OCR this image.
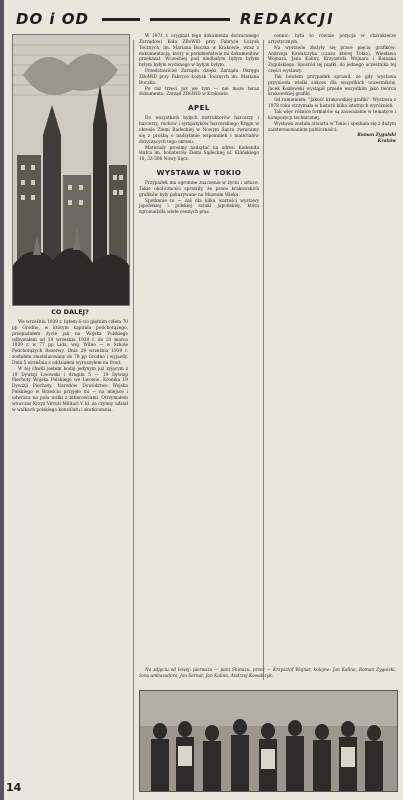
DO i OD	REDAKCJI
CO DALEJ?

We wrześniu 1939 r. byłem 6-cio giętnim człem 70 pp Grodno, w którym kapituła podchorążego, przepadałem życie jak na Wojska Polskiego odbywałem od 18 września 1939 r. do 31 marca 1939 r. w 77 pp Lida, woj. Wilno — w Szkole Podchorążych Rezerwy. Dnia 29 września 1939 r. zostałem zmobilizowany do 78 pp Grodno i wyjazdy. Dnia 5 września z oddziałem wyruszyłem na front.

W tej chwili jestem bodaj jedynym już zyjącym z 19 Dywizji Lwowski i drugim 5 — 19 Dywizji Piechoty Wojska Polskiego we Lwowie. Kronika 19 Dywizji Piechoty. Narodów Dowództwo Wojska Polskiego w Brześciu przyjęło mi — na miejsce i odwraca na pola walki z hitlerowcami. Otrzymałem wówczas Krzyż Virtuti Militari V kl. za czynny udział w walkach polskiego konsulatu i skutkowania.

W 1971 r. oryginał tego dokumentu dorzuconego Zarządowi Koła ZBoWiD przy Fabryce Łożysk Tocznych, im. Mariana Buczka w Krakowie, wraz z dokumentacją, który w podobieństwie mi dokumentów przekazał. Wcześniej pod niedbałym byłym byłym byłym byłym wydanego w byłym byłym.

Przedstawiciel Zarządu dzięki Zarządu Okręgu ZBoWiD przy Fabryce Łożysk Tocznych im. Mariana Buczka.

Po raz trzeci już we tym — nie może teraz dokumentu. Zarząd ZBoWiD w Krakowie.

APEL

Do wszystkich byłych instruktorów harcerzy i harcerzy, ruchów i sympatyków harcerskiego Kręgu w okresie Ziemi Radeckiej w Nowym Sączu zwracamy się z prośbą o nadsyłanie wspomnień i materiałów dotyczących tego okresu.

Materiały prosimy nadsyłać na adres: Komenda Hufca im. bohaterów Ziemi Sądeckiej ul. Kilińskiego 18, 33-300 Nowy Sącz.

WYSTAWA W TOKIO

Przypadek ma ogromne znaczenie w życiu i sztuce. Takie okoliczności sprawiły, że prace krakowskich grafików były pokazywane na Muzeum Wieku.

Spotkanie to — zaś dla kilku wartości wystawy japońskiej i polskiej sztuki japońskiej, która zgromadziła wiele cennych prac.

cennic: była to równie pozycja w charakterze artystycznym.

Na wystawie złożyły się prace pięciu grafików: Andrzeja Kowalczyka (czasu której Tokio), Wiesława Wojnara, Jana Kaliny, Krzysztofa Wojnara i Romana Zygulskiego. Spośród tej piątki, do jednego uczestnika tej części wystawy.

Tak bowiem przypadek sprawił, że gdy wystawa przyniosła wielki sukces dla wszystkich uczestników, Jacek Kozłowski wystąpił przede wszystkim jako twórca krakowskiej grafiki.

Od ramieniem: "Jakość krakowskiej grafiki". Wystawa z 1978 roku otrzymała w historii kilka istotnych wyróżnień.

Tak więc różnice formatów są zauważalne w tematyce i kompozycji technicznej.

Wystawa została otwarta w Tokio i spotkała się z dużym zainteresowaniem publiczności.

Roman Zygulski
Kraków

Na zdjęciu od lewej: pierwsza — pani Shimizu, przez — Krzysztof Wojnar, kolejne: Jan Kalina, Roman Zygulski, żona ambasadora, Jan Sarnat, Jan Kalina, Andrzej Kowalczyk.

14
